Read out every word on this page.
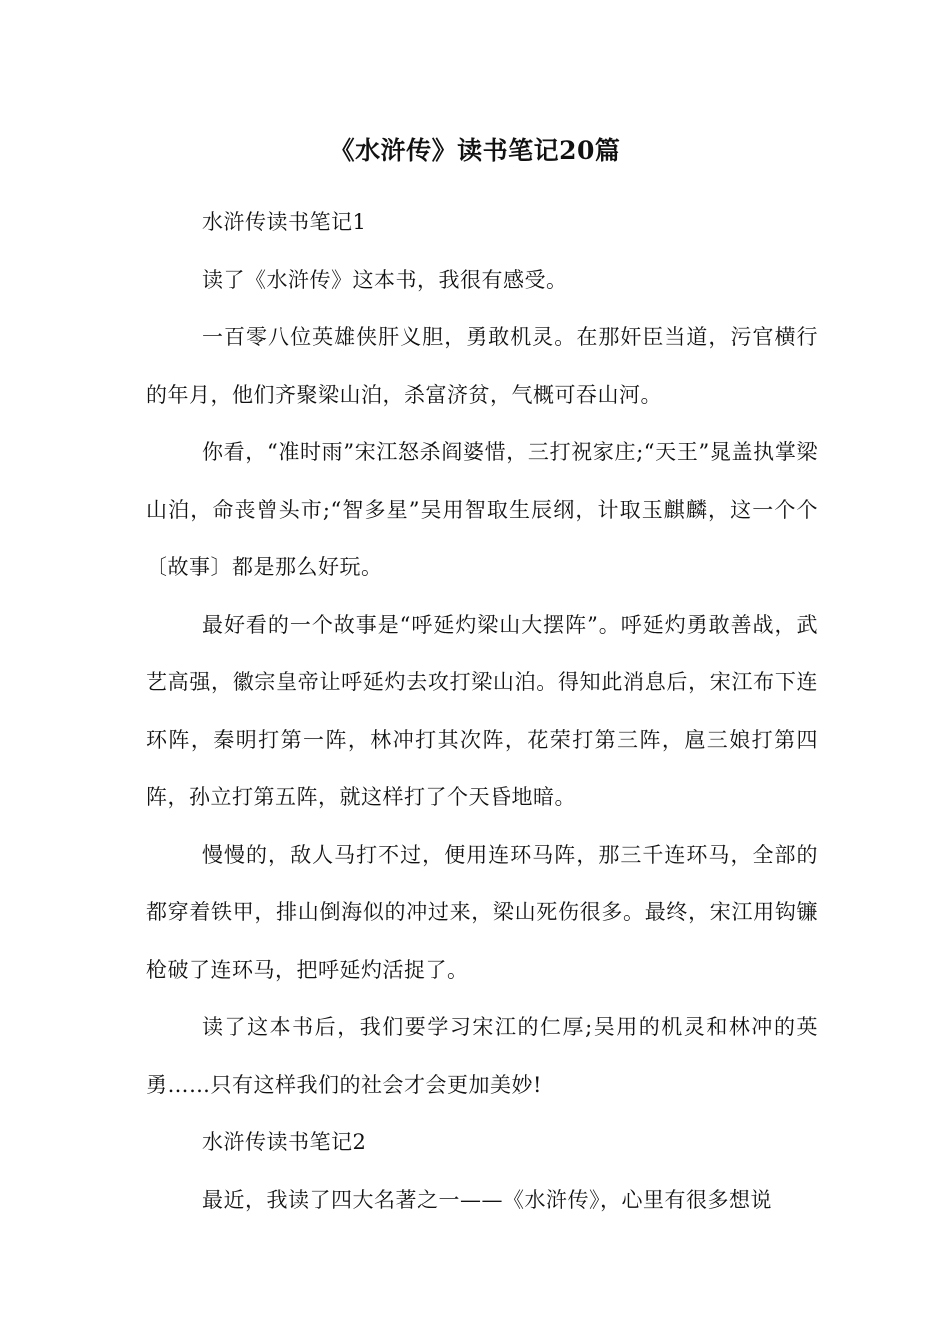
《水浒传》读书笔记20篇

水浒传读书笔记1

读了《水浒传》这本书，我很有感受。

一百零八位英雄侠肝义胆，勇敢机灵。在那奸臣当道，污官横行的年月，他们齐聚梁山泊，杀富济贫，气概可吞山河。

你看，“准时雨”宋江怒杀阎婆惜，三打祝家庄;“天王”晁盖执掌梁山泊，命丧曾头市;“智多星”吴用智取生辰纲，计取玉麒麟，这一个个〔故事〕都是那么好玩。

最好看的一个故事是“呼延灼梁山大摆阵”。呼延灼勇敢善战，武艺高强，徽宗皇帝让呼延灼去攻打梁山泊。得知此消息后，宋江布下连环阵，秦明打第一阵，林冲打其次阵，花荣打第三阵，扈三娘打第四阵，孙立打第五阵，就这样打了个天昏地暗。

慢慢的，敌人马打不过，便用连环马阵，那三千连环马，全部的都穿着铁甲，排山倒海似的冲过来，梁山死伤很多。最终，宋江用钩镰枪破了连环马，把呼延灼活捉了。

读了这本书后，我们要学习宋江的仁厚;吴用的机灵和林冲的英勇……只有这样我们的社会才会更加美妙!

水浒传读书笔记2

最近，我读了四大名著之一——《水浒传》，心里有很多想说
